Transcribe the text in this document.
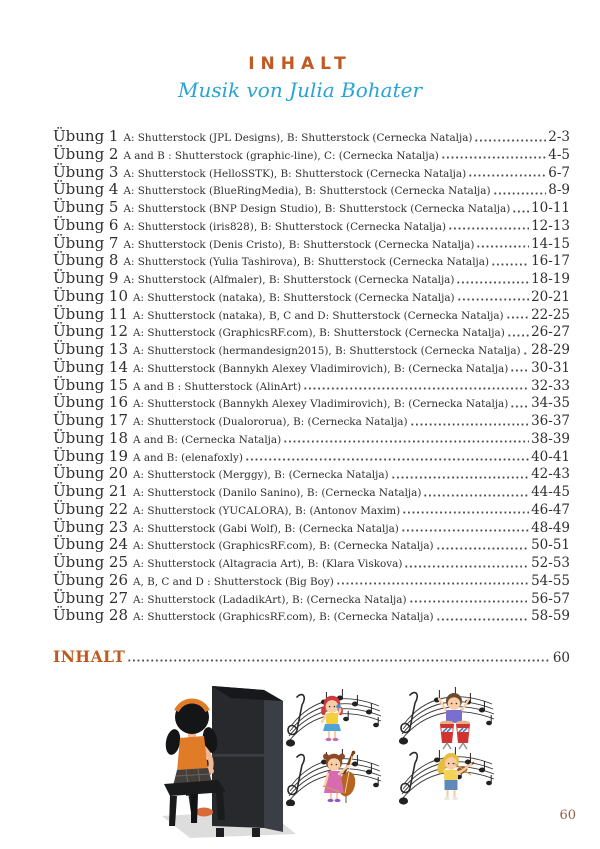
INHALT
Musik von Julia Bohater
Übung 1 A: Shutterstock (JPL Designs), B: Shutterstock (Cernecka Natalja)	2-3
Übung 2 A and B : Shutterstock (graphic-line), C: (Cernecka Natalja)	4-5
Übung 3 A: Shutterstock (HelloSSTK), B: Shutterstock (Cernecka Natalja)	6-7
Übung 4 A: Shutterstock (BlueRingMedia), B: Shutterstock (Cernecka Natalja)	8-9
Übung 5 A: Shutterstock (BNP Design Studio), B: Shutterstock (Cernecka Natalja) 10-11
Übung 6 A: Shutterstock (iris828), B: Shutterstock (Cernecka Natalja)	12-13
Übung 7 A: Shutterstock (Denis Cristo), B: Shutterstock (Cernecka Natalja)	14-15
Übung 8 A: Shutterstock (Yulia Tashirova), B: Shutterstock (Cernecka Natalja)	16-17
Übung 9 A: Shutterstock (Alfmaler), B: Shutterstock (Cernecka Natalja)	18-19
Übung 10 A: Shutterstock (nataka), B: Shutterstock (Cernecka Natalja)	20-21
Übung 11 A: Shutterstock (nataka), B, C and D: Shutterstock (Cernecka Natalja) 22-25
Übung 12 A: Shutterstock (GraphicsRF.com), B: Shutterstock (Cernecka Natalja) 26-27
Übung 13 A: Shutterstock (hermandesign2015), B: Shutterstock (Cernecka Natalja) 28-29
Übung 14 A: Shutterstock (Bannykh Alexey Vladimirovich), B: (Cernecka Natalja) 30-31
Übung 15 A and B : Shutterstock (AlinArt)	32-33
Übung 16 A: Shutterstock (Bannykh Alexey Vladimirovich), B: (Cernecka Natalja) 34-35
Übung 17 A: Shutterstock (Dualororua), B: (Cernecka Natalja)	36-37
Übung 18 A and B: (Cernecka Natalja)	38-39
Übung 19 A and B: (elenafoxly)	40-41
Übung 20 A: Shutterstock (Merggy), B: (Cernecka Natalja)	42-43
Übung 21 A: Shutterstock (Danilo Sanino), B: (Cernecka Natalja)	44-45
Übung 22 A: Shutterstock (YUCALORA), B: (Antonov Maxim)	46-47
Übung 23 A: Shutterstock (Gabi Wolf), B: (Cernecka Natalja)	48-49
Übung 24 A: Shutterstock (GraphicsRF.com), B: (Cernecka Natalja)	50-51
Übung 25 A: Shutterstock (Altagracia Art), B: (Klara Viskova)	52-53
Übung 26 A, B, C and D : Shutterstock (Big Boy)	54-55
Übung 27 A: Shutterstock (LadadikArt), B: (Cernecka Natalja)	56-57
Übung 28 A: Shutterstock (GraphicsRF.com), B: (Cernecka Natalja)	58-59
INHALT	60
60
